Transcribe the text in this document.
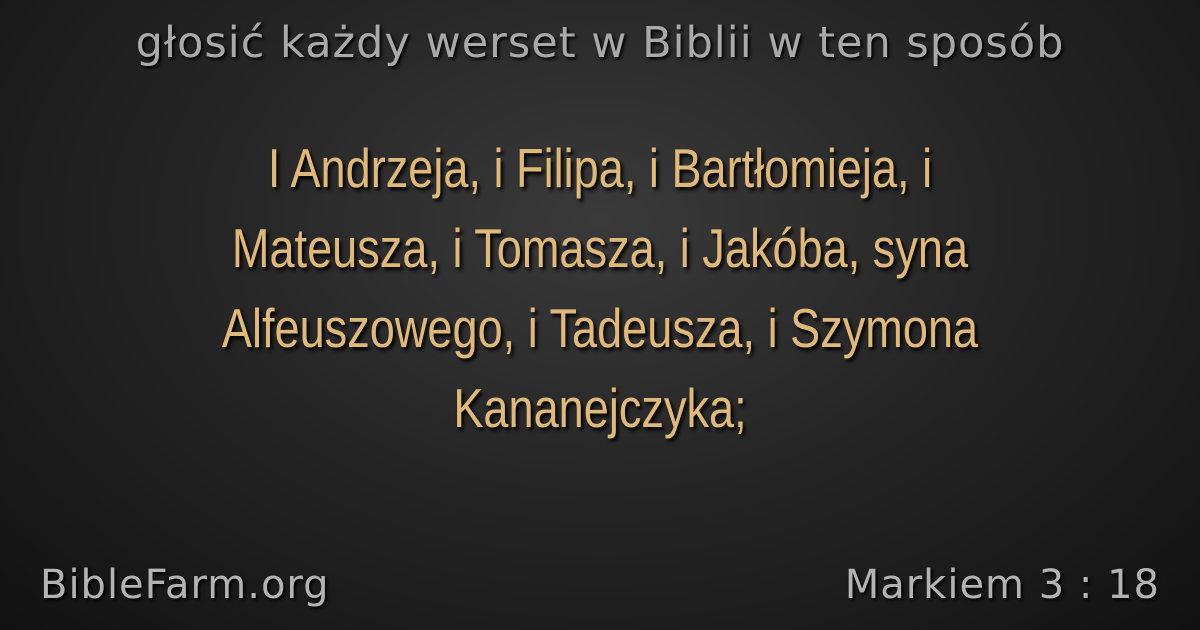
głosić każdy werset w Biblii w ten sposób
I Andrzeja, i Filipa, i Bartłomieja, i Mateusza, i Tomasza, i Jakóba, syna Alfeuszowego, i Tadeusza, i Szymona Kananejczyka;
BibleFarm.org	Markiem 3 : 18
